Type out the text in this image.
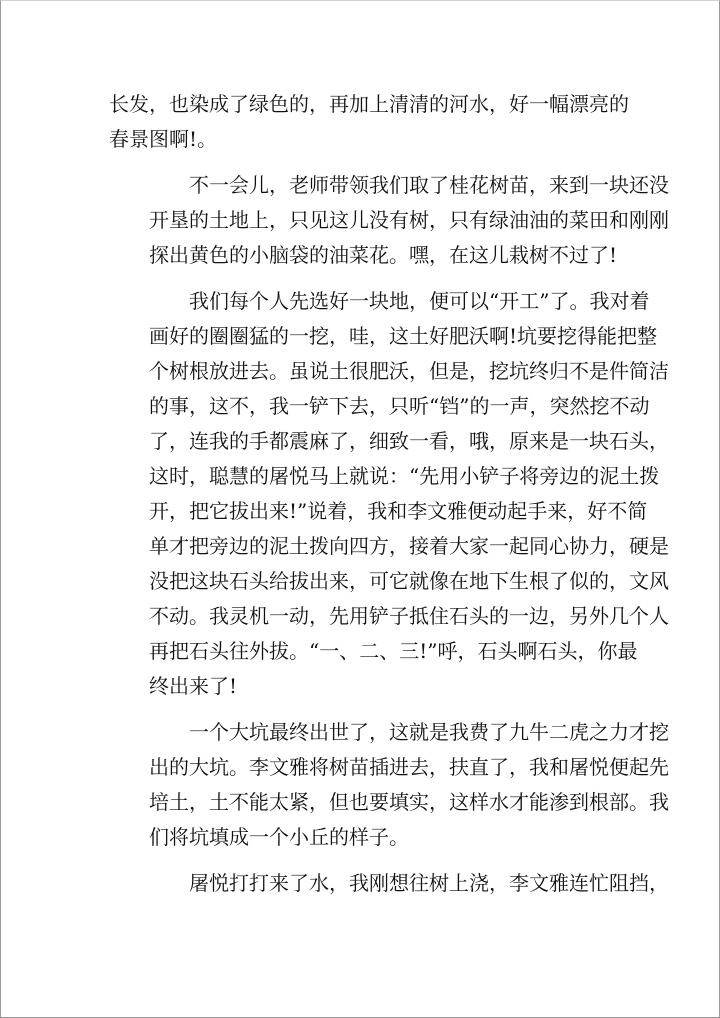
长发，也染成了绿色的，再加上清清的河水，好一幅漂亮的
春景图啊!。
不一会儿，老师带领我们取了桂花树苗，来到一块还没
开垦的土地上，只见这儿没有树，只有绿油油的菜田和刚刚
探出黄色的小脑袋的油菜花。嘿，在这儿栽树不过了!
我们每个人先选好一块地，便可以“开工”了。我对着
画好的圈圈猛的一挖，哇，这土好肥沃啊!坑要挖得能把整
个树根放进去。虽说土很肥沃，但是，挖坑终归不是件简洁
的事，这不，我一铲下去，只听“铛”的一声，突然挖不动
了，连我的手都震麻了，细致一看，哦，原来是一块石头，
这时，聪慧的屠悦马上就说：“先用小铲子将旁边的泥土拨
开，把它拔出来!”说着，我和李文雅便动起手来，好不简
单才把旁边的泥土拨向四方，接着大家一起同心协力，硬是
没把这块石头给拔出来，可它就像在地下生根了似的，文风
不动。我灵机一动，先用铲子抵住石头的一边，另外几个人
再把石头往外拔。“一、二、三!”呼，石头啊石头，你最
终出来了!
一个大坑最终出世了，这就是我费了九牛二虎之力才挖
出的大坑。李文雅将树苗插进去，扶直了，我和屠悦便起先
培土，土不能太紧，但也要填实，这样水才能渗到根部。我
们将坑填成一个小丘的样子。
屠悦打打来了水，我刚想往树上浇，李文雅连忙阻挡，
